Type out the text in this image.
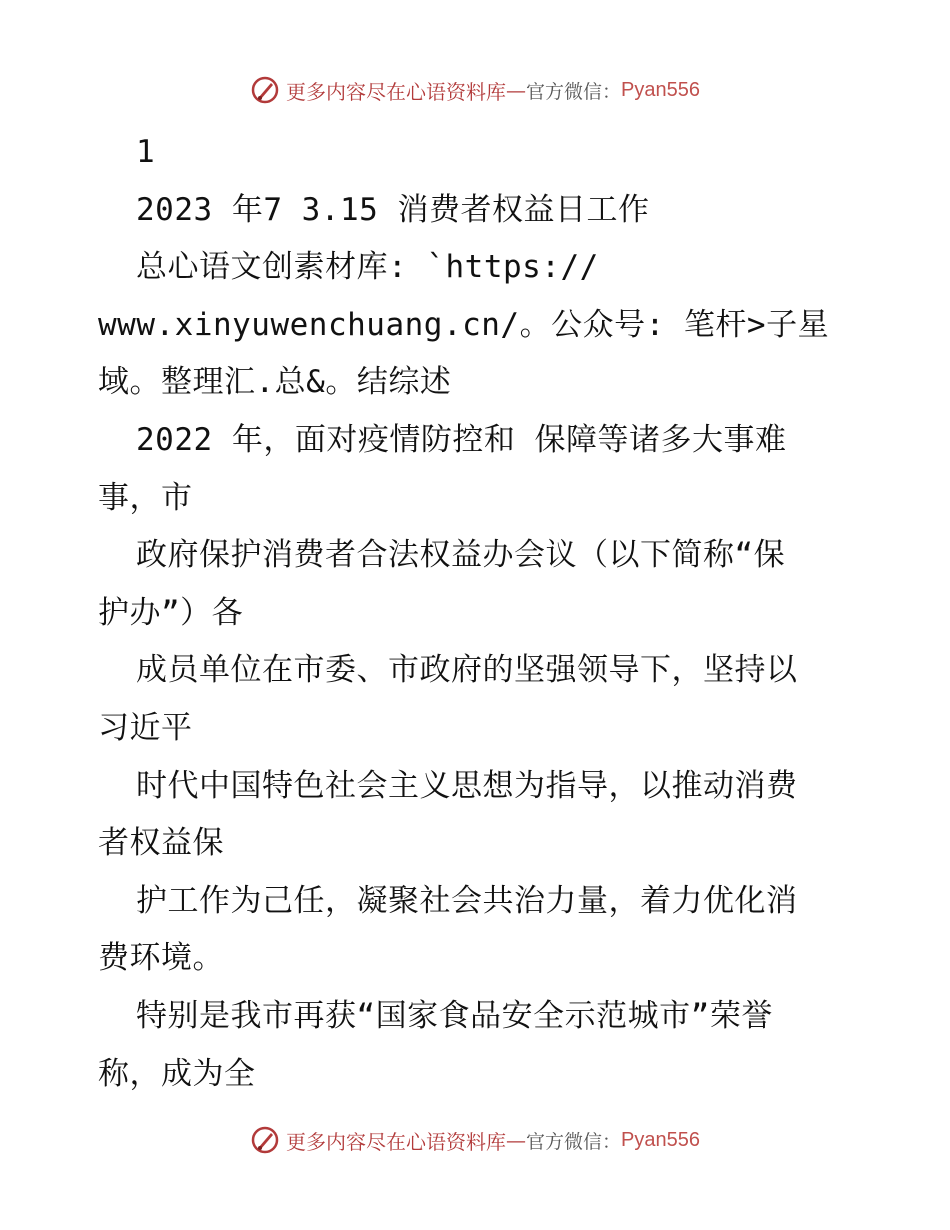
更多内容尽在心语资料库 — 官方微信： Pyan556
1
2023 年7 3.15 消费者权益日工作
总心语文创素材库: `https://
www.xinyuwenchuang.cn/。公众号: 笔杆>子星
域。整理汇.总&。结综述
2022 年，面对疫情防控和 保障等诸多大事难
事，市
政府保护消费者合法权益办会议（以下简称“保
护办”）各
成员单位在市委、市政府的坚强领导下，坚持以
习近平
时代中国特色社会主义思想为指导，以推动消费
者权益保
护工作为己任，凝聚社会共治力量，着力优化消
费环境。
特别是我市再获“国家食品安全示范城市”荣誉
称，成为全
更多内容尽在心语资料库 — 官方微信： Pyan556
